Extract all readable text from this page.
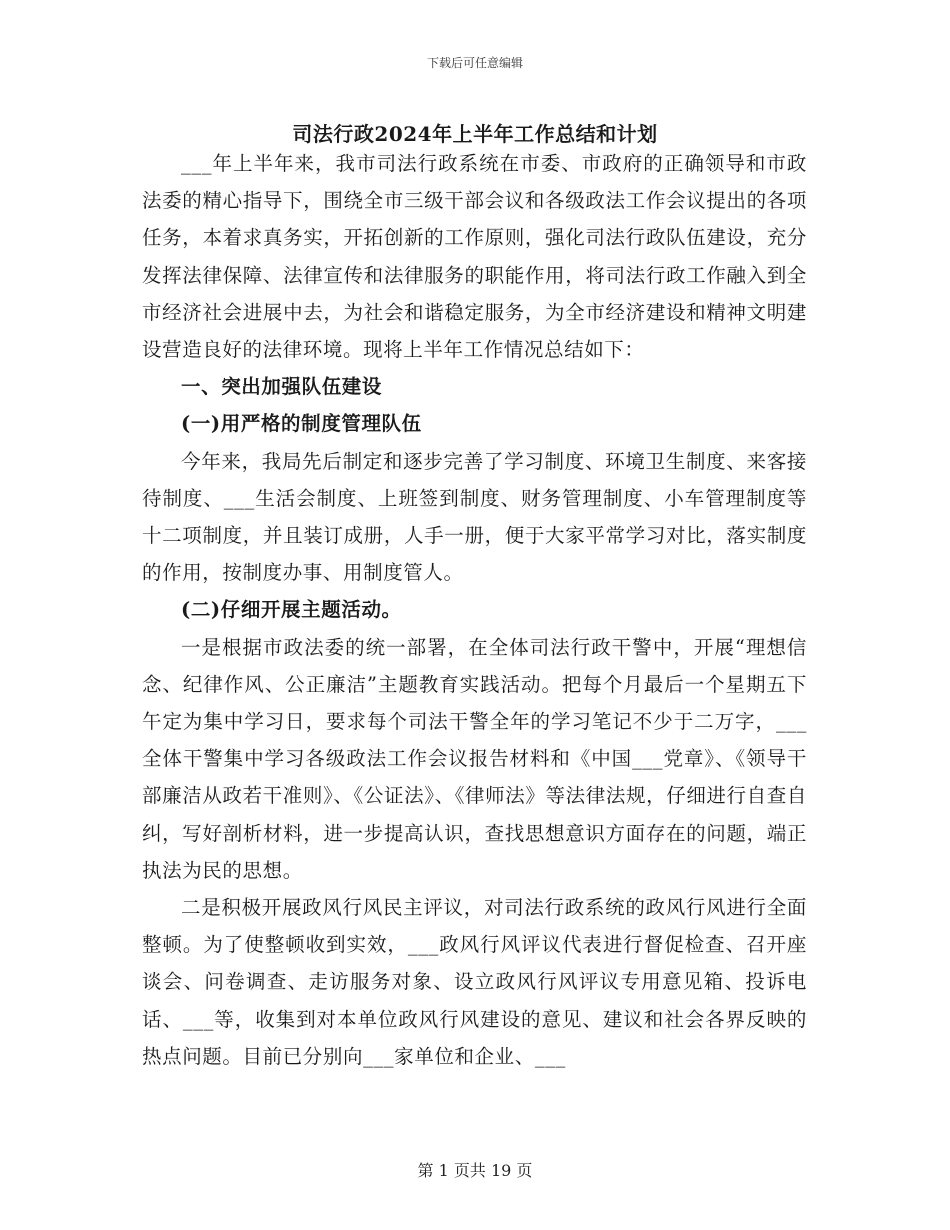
下载后可任意编辑
司法行政2024年上半年工作总结和计划

___年上半年来，我市司法行政系统在市委、市政府的正确领导和市政法委的精心指导下，围绕全市三级干部会议和各级政法工作会议提出的各项任务，本着求真务实，开拓创新的工作原则，强化司法行政队伍建设，充分发挥法律保障、法律宣传和法律服务的职能作用，将司法行政工作融入到全市经济社会进展中去，为社会和谐稳定服务，为全市经济建设和精神文明建设营造良好的法律环境。现将上半年工作情况总结如下：

一、突出加强队伍建设

(一)用严格的制度管理队伍

今年来，我局先后制定和逐步完善了学习制度、环境卫生制度、来客接待制度、___生活会制度、上班签到制度、财务管理制度、小车管理制度等十二项制度，并且装订成册，人手一册，便于大家平常学习对比，落实制度的作用，按制度办事、用制度管人。

(二)仔细开展主题活动。

一是根据市政法委的统一部署，在全体司法行政干警中，开展“理想信念、纪律作风、公正廉洁”主题教育实践活动。把每个月最后一个星期五下午定为集中学习日，要求每个司法干警全年的学习笔记不少于二万字，___全体干警集中学习各级政法工作会议报告材料和《中国___党章》、《领导干部廉洁从政若干准则》、《公证法》、《律师法》等法律法规，仔细进行自查自纠，写好剖析材料，进一步提高认识，查找思想意识方面存在的问题，端正执法为民的思想。

二是积极开展政风行风民主评议，对司法行政系统的政风行风进行全面整顿。为了使整顿收到实效，___政风行风评议代表进行督促检查、召开座谈会、问卷调查、走访服务对象、设立政风行风评议专用意见箱、投诉电话、___等，收集到对本单位政风行风建设的意见、建议和社会各界反映的热点问题。目前已分别向___家单位和企业、___

第 1 页共 19 页
